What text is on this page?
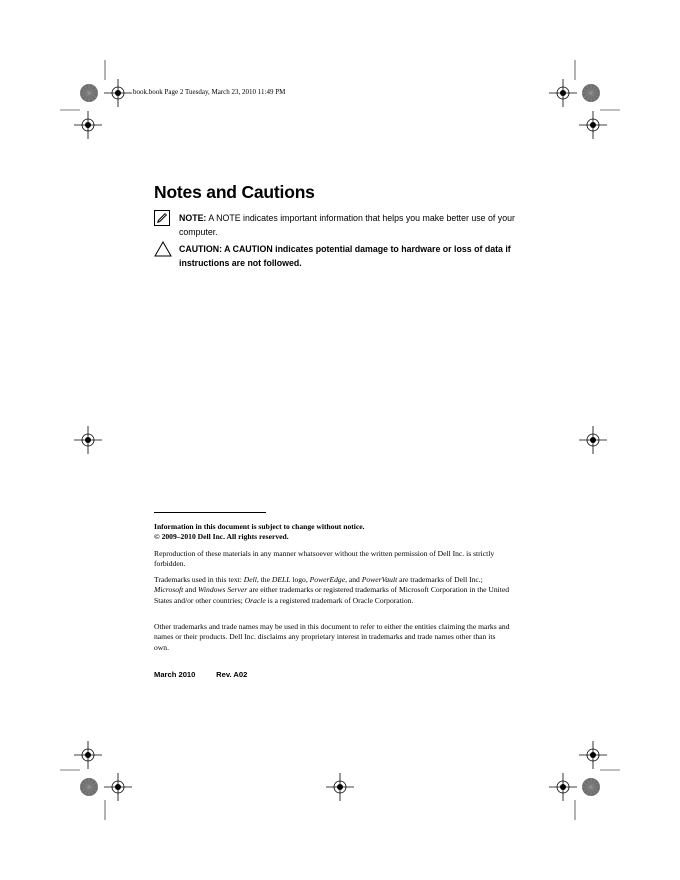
book.book Page 2 Tuesday, March 23, 2010 11:49 PM
Notes and Cautions
NOTE: A NOTE indicates important information that helps you make better use of your computer.
CAUTION: A CAUTION indicates potential damage to hardware or loss of data if instructions are not followed.

Information in this document is subject to change without notice.

© 2009–2010 Dell Inc. All rights reserved.

Reproduction of these materials in any manner whatsoever without the written permission of Dell Inc. is strictly forbidden.

Trademarks used in this text: Dell, the DELL logo, PowerEdge, and PowerVault are trademarks of Dell Inc.; Microsoft and Windows Server are either trademarks or registered trademarks of Microsoft Corporation in the United States and/or other countries; Oracle is a registered trademark of Oracle Corporation.

Other trademarks and trade names may be used in this document to refer to either the entities claiming the marks and names or their products. Dell Inc. disclaims any proprietary interest in trademarks and trade names other than its own.

March 2010	Rev. A02
